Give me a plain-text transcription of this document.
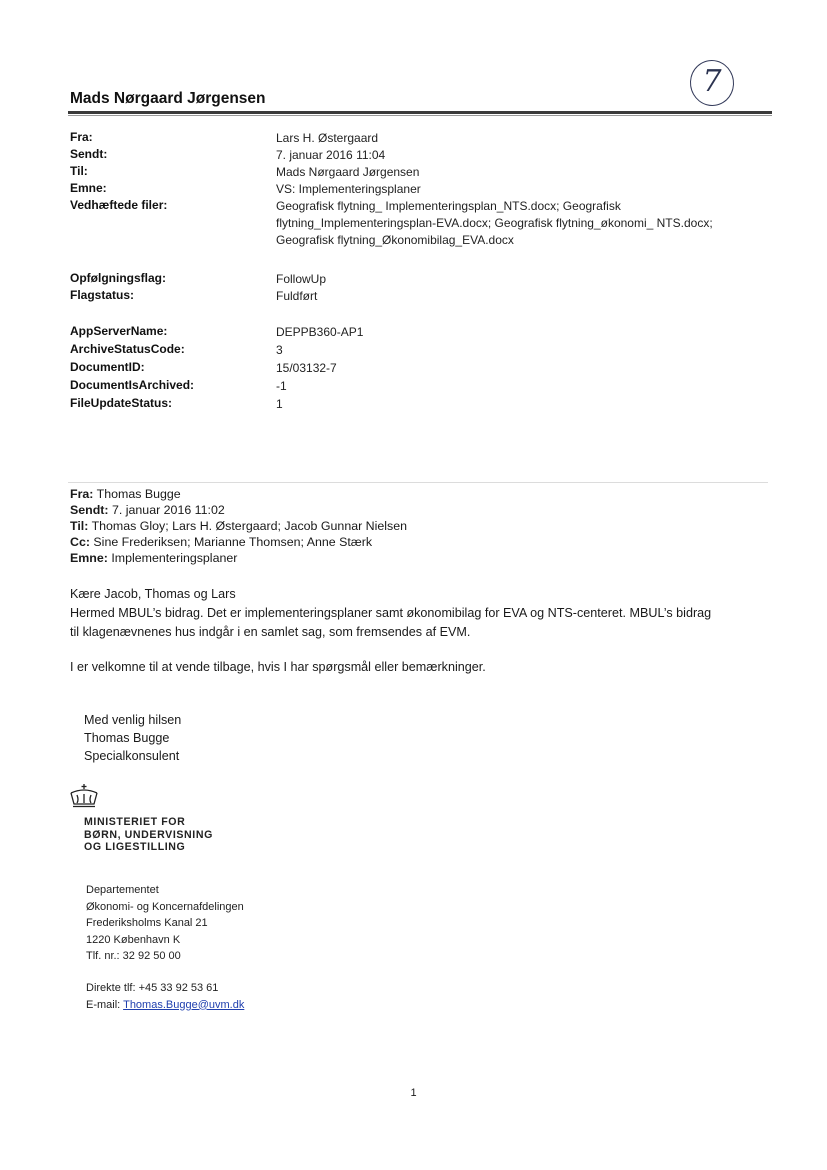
Mads Nørgaard Jørgensen	7
Fra:	Lars H. Østergaard
Sendt:	7. januar 2016 11:04
Til:	Mads Nørgaard Jørgensen
Emne:	VS: Implementeringsplaner
Vedhæftede filer:	Geografisk flytning_ Implementeringsplan_NTS.docx; Geografisk
flytning_Implementeringsplan-EVA.docx; Geografisk flytning_økonomi_ NTS.docx;
Geografisk flytning_Økonomibilag_EVA.docx
Opfølgningsflag:	FollowUp
Flagstatus:	Fuldført
AppServerName:	DEPPB360-AP1
ArchiveStatusCode:	3
DocumentID:	15/03132-7
DocumentIsArchived:	-1
FileUpdateStatus:	1
Fra: Thomas Bugge
Sendt: 7. januar 2016 11:02
Til: Thomas Gloy; Lars H. Østergaard; Jacob Gunnar Nielsen
Cc: Sine Frederiksen; Marianne Thomsen; Anne Stærk
Emne: Implementeringsplaner
Kære Jacob, Thomas og Lars
Hermed MBUL’s bidrag. Det er implementeringsplaner samt økonomibilag for EVA og NTS-centeret. MBUL’s bidrag
til klagenævnenes hus indgår i en samlet sag, som fremsendes af EVM.
I er velkomne til at vende tilbage, hvis I har spørgsmål eller bemærkninger.
Med venlig hilsen
Thomas Bugge
Specialkonsulent
MINISTERIET FOR
BØRN, UNDERVISNING
OG LIGESTILLING
Departementet
Økonomi- og Koncernafdelingen
Frederiksholms Kanal 21
1220 København K
Tlf. nr.: 32 92 50 00
Direkte tlf: +45 33 92 53 61
E-mail: Thomas.Bugge@uvm.dk
1
